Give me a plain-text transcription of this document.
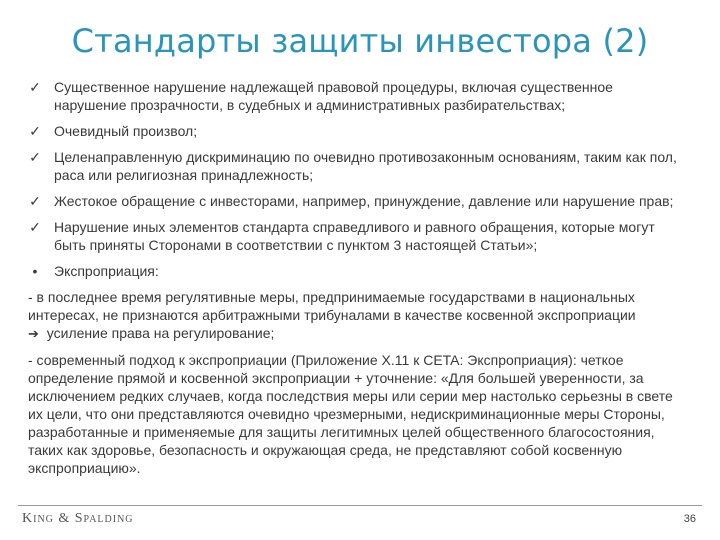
Стандарты защиты инвестора (2)
✓ Существенное нарушение надлежащей правовой процедуры, включая существенное нарушение прозрачности, в судебных и административных разбирательствах;
✓ Очевидный произвол;
✓ Целенаправленную дискриминацию по очевидно противозаконным основаниям, таким как пол, раса или религиозная принадлежность;
✓ Жестокое обращение с инвесторами, например, принуждение, давление или нарушение прав;
✓ Нарушение иных элементов стандарта справедливого и равного обращения, которые могут быть приняты Сторонами в соответствии с пунктом 3 настоящей Статьи»;
•	Экспроприация:
- в последнее время регулятивные меры, предпринимаемые государствами в национальных интересах, не признаются арбитражными трибуналами в качестве косвенной экспроприации
➔ усиление права на регулирование;
- современный подход к экспроприации (Приложение X.11 к CETA: Экспроприация): четкое определение прямой и косвенной экспроприации + уточнение: «Для большей уверенности, за исключением редких случаев, когда последствия меры или серии мер настолько серьезны в свете их цели, что они представляются очевидно чрезмерными, недискриминационные меры Стороны, разработанные и применяемые для защиты легитимных целей общественного благосостояния, таких как здоровье, безопасность и окружающая среда, не представляют собой косвенную экспроприацию».
King & Spalding	36
